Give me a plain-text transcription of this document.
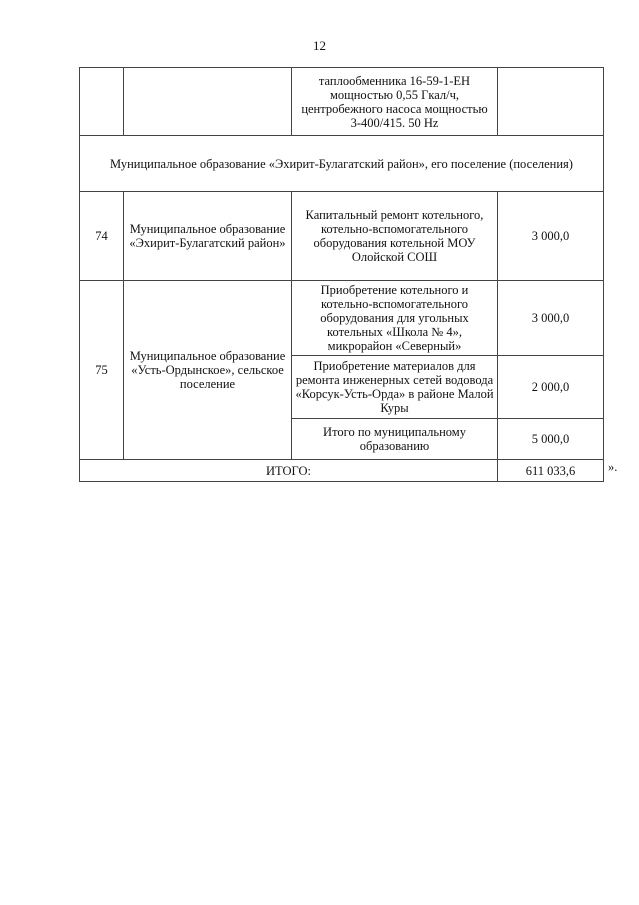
12
		таплообменника 16-59-1-ЕН мощностью 0,55 Гкал/ч, центробежного насоса мощностью 3-400/415. 50 Hz	
Муниципальное образование «Эхирит-Булагатский район», его поселение (поселения)			
74	Муниципальное образование «Эхирит-Булагатский район»	Капитальный ремонт котельного, котельно-вспомогательного оборудования котельной МОУ Олойской СОШ	3 000,0
75	Муниципальное образование «Усть-Ордынское», сельское поселение	Приобретение котельного и котельно-вспомогательного оборудования для угольных котельных «Школа № 4», микрорайон «Северный»	3 000,0
		Приобретение материалов для ремонта инженерных сетей водовода «Корсук-Усть-Орда» в районе Малой Куры	2 000,0
		Итого по муниципальному образованию	5 000,0
ИТОГО:			611 033,6	».
